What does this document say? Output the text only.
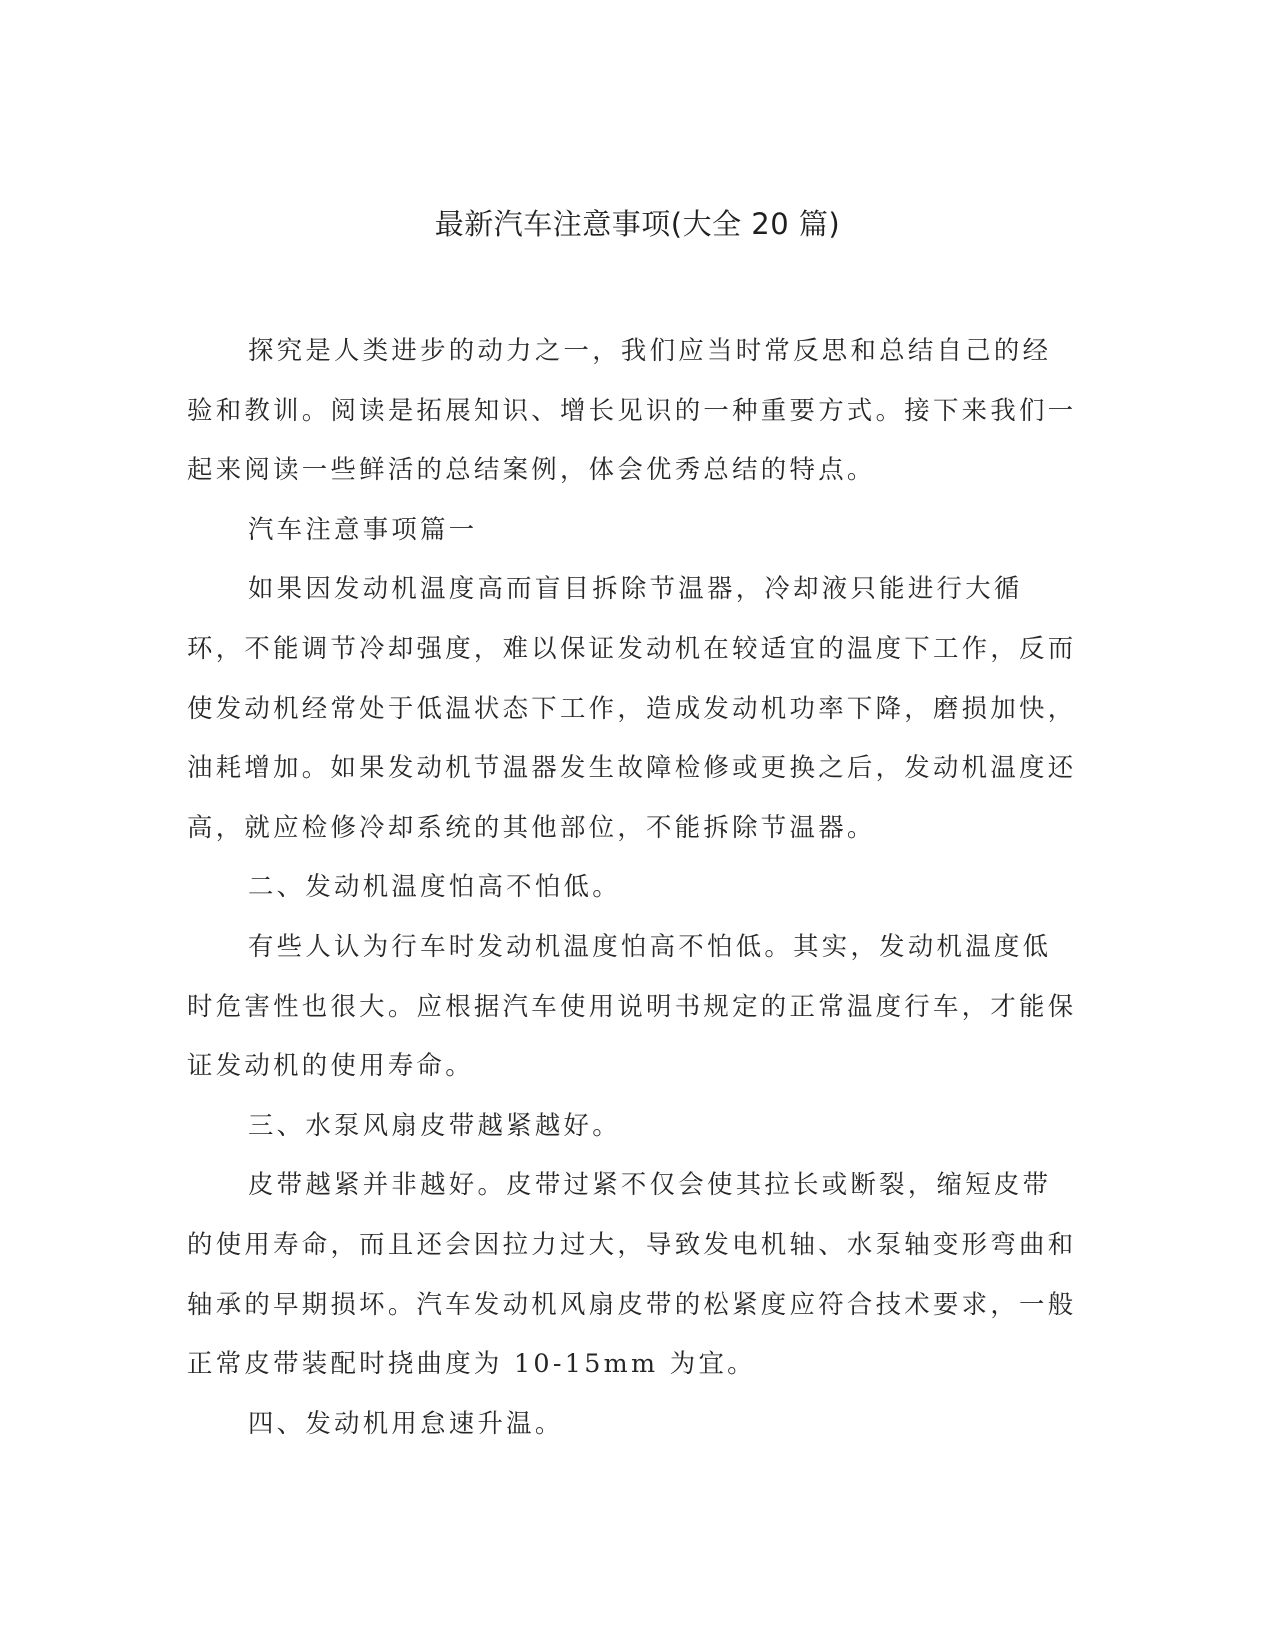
最新汽车注意事项(大全 20 篇)

探究是人类进步的动力之一，我们应当时常反思和总结自己的经验和教训。阅读是拓展知识、增长见识的一种重要方式。接下来我们一起来阅读一些鲜活的总结案例，体会优秀总结的特点。

汽车注意事项篇一

如果因发动机温度高而盲目拆除节温器，冷却液只能进行大循环，不能调节冷却强度，难以保证发动机在较适宜的温度下工作，反而使发动机经常处于低温状态下工作，造成发动机功率下降，磨损加快，油耗增加。如果发动机节温器发生故障检修或更换之后，发动机温度还高，就应检修冷却系统的其他部位，不能拆除节温器。

二、发动机温度怕高不怕低。

有些人认为行车时发动机温度怕高不怕低。其实，发动机温度低时危害性也很大。应根据汽车使用说明书规定的正常温度行车，才能保证发动机的使用寿命。

三、水泵风扇皮带越紧越好。

皮带越紧并非越好。皮带过紧不仅会使其拉长或断裂，缩短皮带的使用寿命，而且还会因拉力过大，导致发电机轴、水泵轴变形弯曲和轴承的早期损坏。汽车发动机风扇皮带的松紧度应符合技术要求，一般正常皮带装配时挠曲度为 10-15mm 为宜。

四、发动机用怠速升温。
